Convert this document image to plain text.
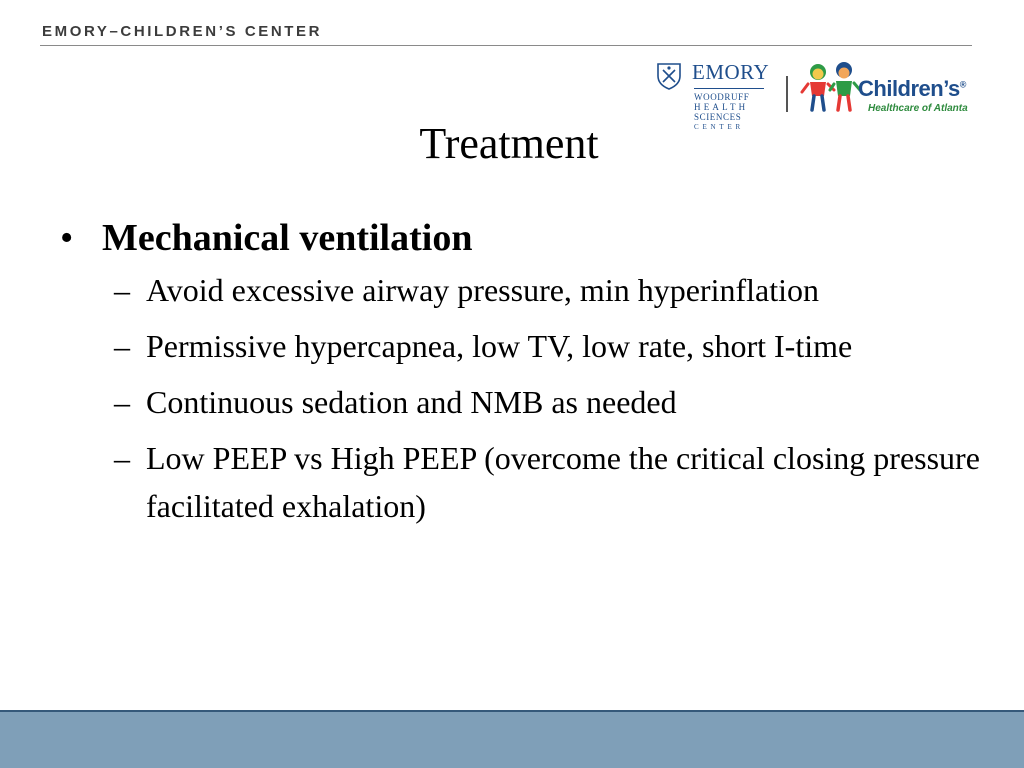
EMORY–CHILDREN’S CENTER
EMORY
WOODRUFF
HEALTH
SCIENCES
CENTER
Children’s®
Healthcare of Atlanta
Treatment
• Mechanical ventilation
– Avoid excessive airway pressure, min hyperinflation
– Permissive hypercapnea, low TV, low rate, short I-time
– Continuous sedation and NMB as needed
– Low PEEP vs High PEEP (overcome the critical closing pressure facilitated exhalation)
